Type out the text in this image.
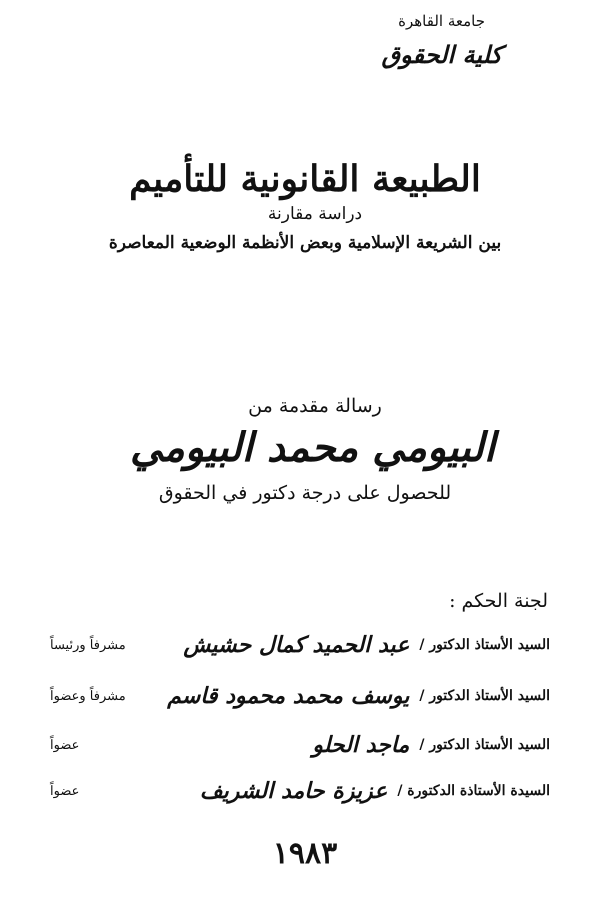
جامعة القاهرة
كلية الحقوق
الطبيعة القانونية للتأميم
دراسة مقارنة
بين الشريعة الإسلامية وبعض الأنظمة الوضعية المعاصرة
رسالة مقدمة من
البيومي محمد البيومي
للحصول على درجة دكتور في الحقوق
لجنة الحكم :
السيد الأستاذ الدكتور /
عبد الحميد كمال حشيش
مشرفاً ورئيساً
السيد الأستاذ الدكتور /
يوسف محمد محمود قاسم
مشرفاً وعضواً
السيد الأستاذ الدكتور /
ماجد الحلو
عضواً
السيدة الأستاذة الدكتورة /
عزيزة حامد الشريف
عضواً
١٩٨٣
